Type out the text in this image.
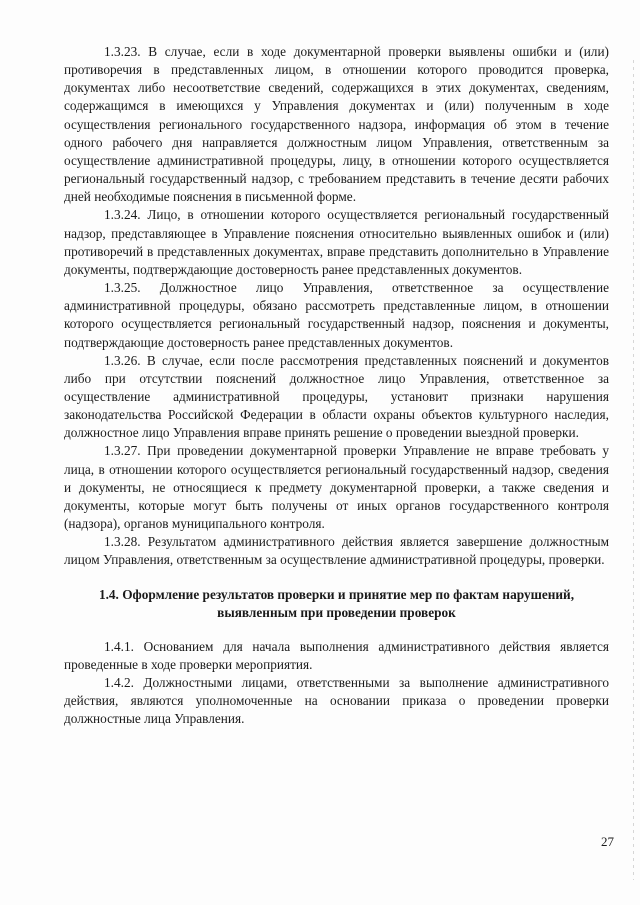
1.3.23. В случае, если в ходе документарной проверки выявлены ошибки и (или) противоречия в представленных лицом, в отношении которого проводится проверка, документах либо несоответствие сведений, содержащихся в этих документах, сведениям, содержащимся в имеющихся у Управления документах и (или) полученным в ходе осуществления регионального государственного надзора, информация об этом в течение одного рабочего дня направляется должностным лицом Управления, ответственным за осуществление административной процедуры, лицу, в отношении которого осуществляется региональный государственный надзор, с требованием представить в течение десяти рабочих дней необходимые пояснения в письменной форме.

1.3.24. Лицо, в отношении которого осуществляется региональный государственный надзор, представляющее в Управление пояснения относительно выявленных ошибок и (или) противоречий в представленных документах, вправе представить дополнительно в Управление документы, подтверждающие достоверность ранее представленных документов.

1.3.25. Должностное лицо Управления, ответственное за осуществление административной процедуры, обязано рассмотреть представленные лицом, в отношении которого осуществляется региональный государственный надзор, пояснения и документы, подтверждающие достоверность ранее представленных документов.

1.3.26. В случае, если после рассмотрения представленных пояснений и документов либо при отсутствии пояснений должностное лицо Управления, ответственное за осуществление административной процедуры, установит признаки нарушения законодательства Российской Федерации в области охраны объектов культурного наследия, должностное лицо Управления вправе принять решение о проведении выездной проверки.

1.3.27. При проведении документарной проверки Управление не вправе требовать у лица, в отношении которого осуществляется региональный государственный надзор, сведения и документы, не относящиеся к предмету документарной проверки, а также сведения и документы, которые могут быть получены от иных органов государственного контроля (надзора), органов муниципального контроля.

1.3.28. Результатом административного действия является завершение должностным лицом Управления, ответственным за осуществление административной процедуры, проверки.

1.4. Оформление результатов проверки и принятие мер по фактам нарушений, выявленным при проведении проверок

1.4.1. Основанием для начала выполнения административного действия является проведенные в ходе проверки мероприятия.

1.4.2. Должностными лицами, ответственными за выполнение административного действия, являются уполномоченные на основании приказа о проведении проверки должностные лица Управления.

27
